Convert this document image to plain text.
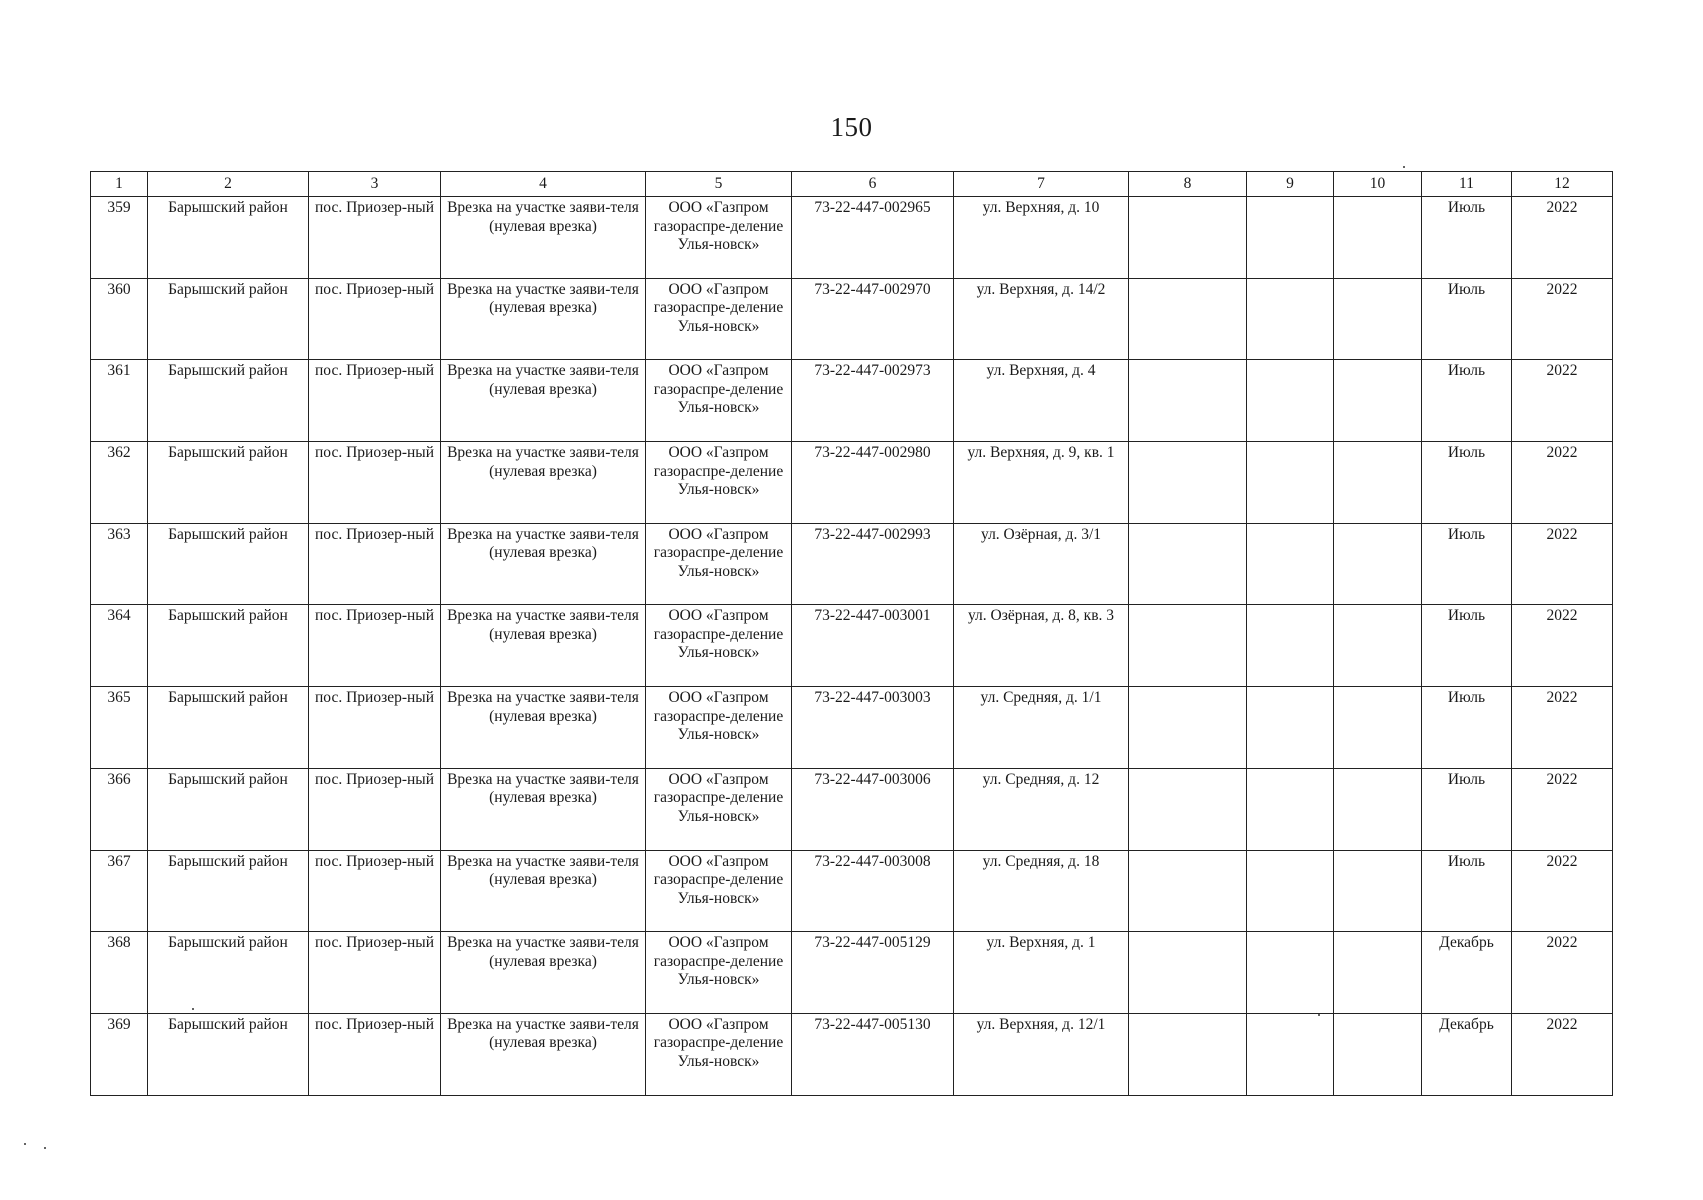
150
1	2	3	4	5	6	7	8	9	10	11	12
359	Барышский район	пос. Приозер-ный	Врезка на участке заяви-теля (нулевая врезка)	ООО «Газпром газораспре-деление Улья-новск»	73-22-447-002965	ул. Верхняя, д. 10				Июль	2022
360	Барышский район	пос. Приозер-ный	Врезка на участке заяви-теля (нулевая врезка)	ООО «Газпром газораспре-деление Улья-новск»	73-22-447-002970	ул. Верхняя, д. 14/2				Июль	2022
361	Барышский район	пос. Приозер-ный	Врезка на участке заяви-теля (нулевая врезка)	ООО «Газпром газораспре-деление Улья-новск»	73-22-447-002973	ул. Верхняя, д. 4				Июль	2022
362	Барышский район	пос. Приозер-ный	Врезка на участке заяви-теля (нулевая врезка)	ООО «Газпром газораспре-деление Улья-новск»	73-22-447-002980	ул. Верхняя, д. 9, кв. 1				Июль	2022
363	Барышский район	пос. Приозер-ный	Врезка на участке заяви-теля (нулевая врезка)	ООО «Газпром газораспре-деление Улья-новск»	73-22-447-002993	ул. Озёрная, д. 3/1				Июль	2022
364	Барышский район	пос. Приозер-ный	Врезка на участке заяви-теля (нулевая врезка)	ООО «Газпром газораспре-деление Улья-новск»	73-22-447-003001	ул. Озёрная, д. 8, кв. 3				Июль	2022
365	Барышский район	пос. Приозер-ный	Врезка на участке заяви-теля (нулевая врезка)	ООО «Газпром газораспре-деление Улья-новск»	73-22-447-003003	ул. Средняя, д. 1/1				Июль	2022
366	Барышский район	пос. Приозер-ный	Врезка на участке заяви-теля (нулевая врезка)	ООО «Газпром газораспре-деление Улья-новск»	73-22-447-003006	ул. Средняя, д. 12				Июль	2022
367	Барышский район	пос. Приозер-ный	Врезка на участке заяви-теля (нулевая врезка)	ООО «Газпром газораспре-деление Улья-новск»	73-22-447-003008	ул. Средняя, д. 18				Июль	2022
368	Барышский район	пос. Приозер-ный	Врезка на участке заяви-теля (нулевая врезка)	ООО «Газпром газораспре-деление Улья-новск»	73-22-447-005129	ул. Верхняя, д. 1				Декабрь	2022
369	Барышский район	пос. Приозер-ный	Врезка на участке заяви-теля (нулевая врезка)	ООО «Газпром газораспре-деление Улья-новск»	73-22-447-005130	ул. Верхняя, д. 12/1				Декабрь	2022
